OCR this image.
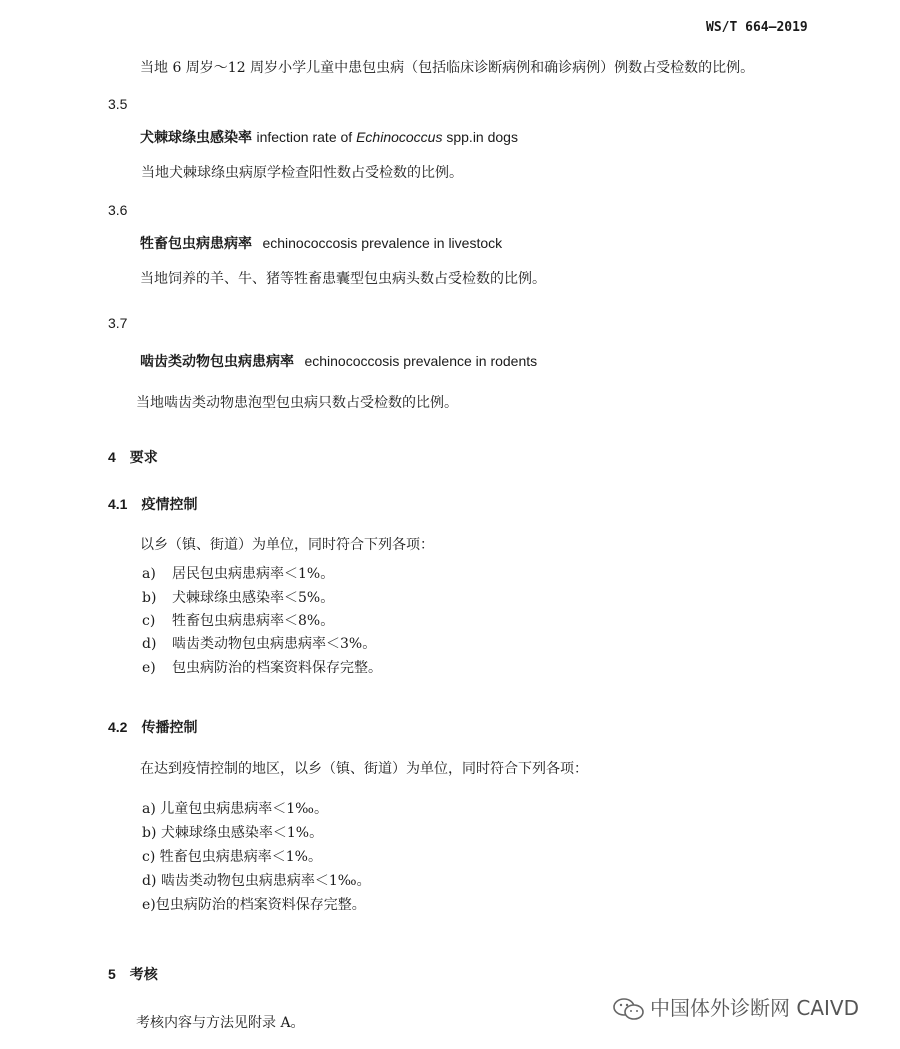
WS/T 664—2019
当地 6 周岁～12 周岁小学儿童中患包虫病（包括临床诊断病例和确诊病例）例数占受检数的比例。
3.5
犬棘球绦虫感染率 infection rate of Echinococcus spp.in dogs
当地犬棘球绦虫病原学检查阳性数占受检数的比例。
3.6
牲畜包虫病患病率 echinococcosis prevalence in livestock
当地饲养的羊、牛、猪等牲畜患囊型包虫病头数占受检数的比例。
3.7
啮齿类动物包虫病患病率 echinococcosis prevalence in rodents
当地啮齿类动物患泡型包虫病只数占受检数的比例。
4　要求
4.1　疫情控制
以乡（镇、街道）为单位，同时符合下列各项：
a) 居民包虫病患病率＜1%。
b) 犬棘球绦虫感染率＜5%。
c) 牲畜包虫病患病率＜8%。
d) 啮齿类动物包虫病患病率＜3%。
e) 包虫病防治的档案资料保存完整。
4.2　传播控制
在达到疫情控制的地区，以乡（镇、街道）为单位，同时符合下列各项：
a) 儿童包虫病患病率＜1‰。
b) 犬棘球绦虫感染率＜1%。
c) 牲畜包虫病患病率＜1%。
d) 啮齿类动物包虫病患病率＜1‰。
e)包虫病防治的档案资料保存完整。
5　考核
考核内容与方法见附录 A。
中国体外诊断网 CAIVD
